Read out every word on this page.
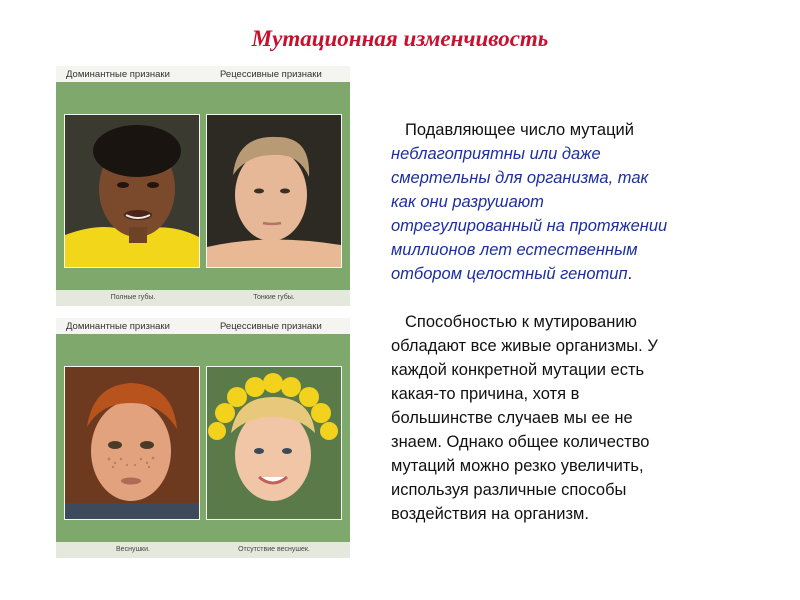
Мутационная изменчивость
Доминантные признаки	Рецессивные признаки
Полные губы.	Тонкие губы.
Доминантные признаки	Рецессивные признаки
Веснушки.	Отсутствие веснушек.
Подавляющее число мутаций
неблагоприятны или даже
смертельны для организма, так
как они разрушают
отрегулированный на протяжении
миллионов лет естественным
отбором целостный генотип.
Способностью к мутированию
обладают все живые организмы. У
каждой конкретной мутации есть
какая-то причина, хотя в
большинстве случаев мы ее не
знаем. Однако общее количество
мутаций можно резко увеличить,
используя различные способы
воздействия на организм.
